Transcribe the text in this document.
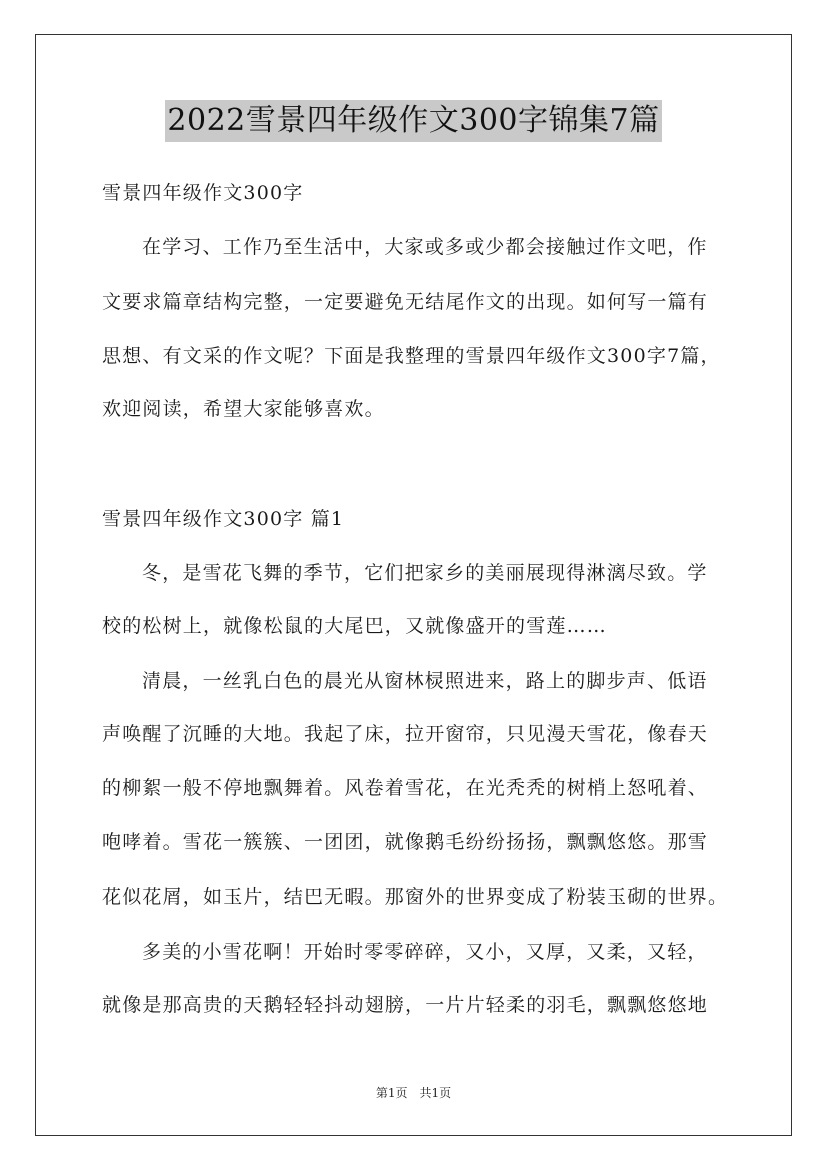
2022雪景四年级作文300字锦集7篇
雪景四年级作文300字
在学习、工作乃至生活中，大家或多或少都会接触过作文吧，作
文要求篇章结构完整，一定要避免无结尾作文的出现。如何写一篇有
思想、有文采的作文呢？下面是我整理的雪景四年级作文300字7篇，
欢迎阅读，希望大家能够喜欢。
雪景四年级作文300字 篇1
冬，是雪花飞舞的季节，它们把家乡的美丽展现得淋漓尽致。学
校的松树上，就像松鼠的大尾巴，又就像盛开的雪莲……
清晨，一丝乳白色的晨光从窗林棂照进来，路上的脚步声、低语
声唤醒了沉睡的大地。我起了床，拉开窗帘，只见漫天雪花，像春天
的柳絮一般不停地飘舞着。风卷着雪花，在光秃秃的树梢上怒吼着、
咆哮着。雪花一簇簇、一团团，就像鹅毛纷纷扬扬，飘飘悠悠。那雪
花似花屑，如玉片，结巴无暇。那窗外的世界变成了粉装玉砌的世界。
多美的小雪花啊！开始时零零碎碎，又小，又厚，又柔，又轻，
就像是那高贵的天鹅轻轻抖动翅膀，一片片轻柔的羽毛，飘飘悠悠地
第1页　共1页
